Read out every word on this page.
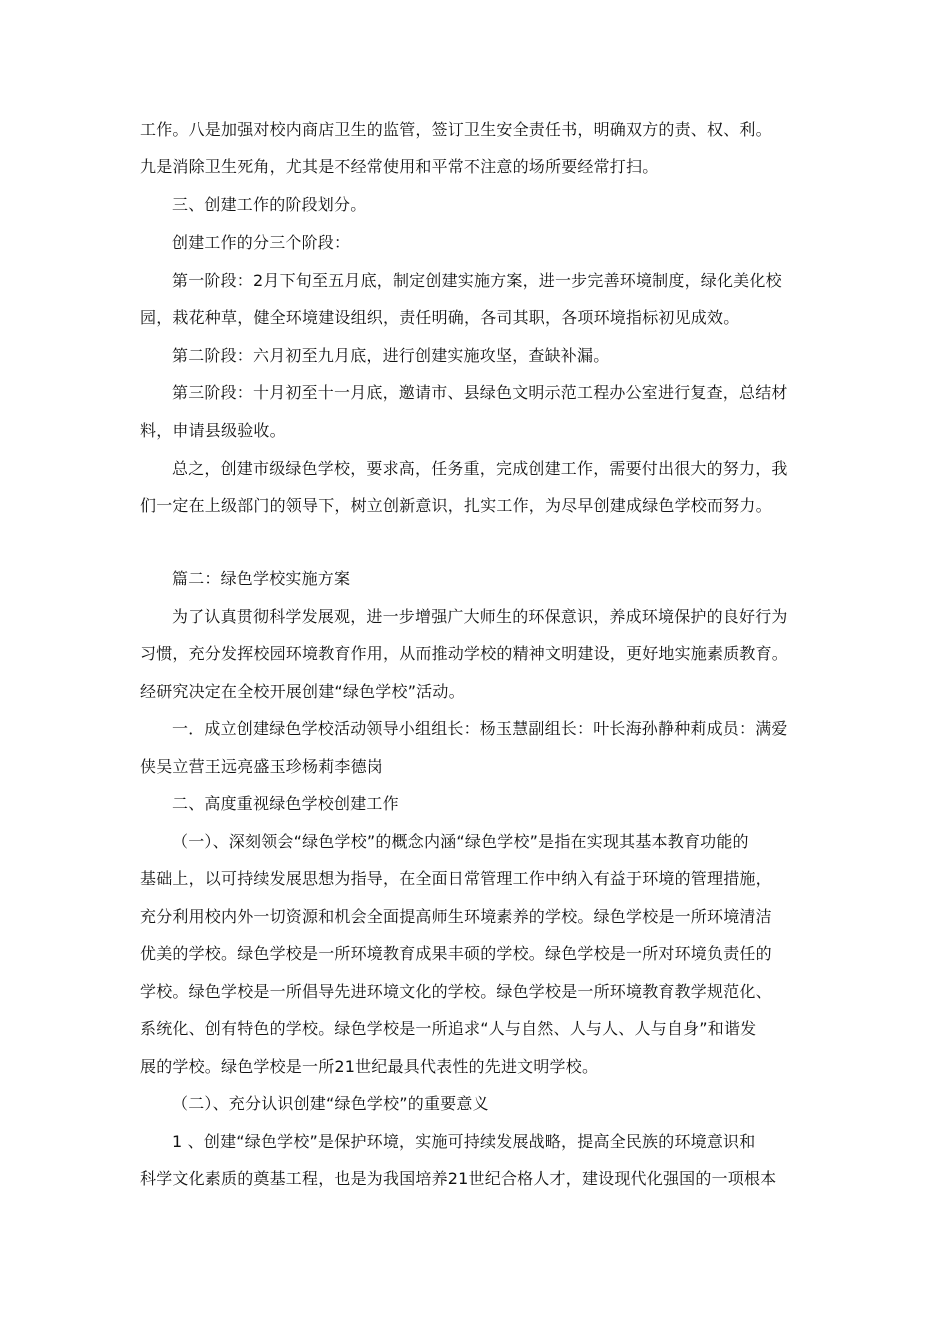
工作。八是加强对校内商店卫生的监管，签订卫生安全责任书，明确双方的责、权、利。
九是消除卫生死角，尤其是不经常使用和平常不注意的场所要经常打扫。
三、创建工作的阶段划分。
创建工作的分三个阶段：
第一阶段：2月下旬至五月底，制定创建实施方案，进一步完善环境制度，绿化美化校
园，栽花种草，健全环境建设组织，责任明确，各司其职，各项环境指标初见成效。
第二阶段：六月初至九月底，进行创建实施攻坚，查缺补漏。
第三阶段：十月初至十一月底，邀请市、县绿色文明示范工程办公室进行复查，总结材
料，申请县级验收。
总之，创建市级绿色学校，要求高，任务重，完成创建工作，需要付出很大的努力，我
们一定在上级部门的领导下，树立创新意识，扎实工作，为尽早创建成绿色学校而努力。
篇二：绿色学校实施方案
为了认真贯彻科学发展观，进一步增强广大师生的环保意识，养成环境保护的良好行为
习惯，充分发挥校园环境教育作用，从而推动学校的精神文明建设，更好地实施素质教育。
经研究决定在全校开展创建“绿色学校”活动。
一．成立创建绿色学校活动领导小组组长：杨玉慧副组长：叶长海孙静种莉成员：满爱
侠吴立营王远亮盛玉珍杨莉李德岗
二、高度重视绿色学校创建工作
（一）、深刻领会“绿色学校”的概念内涵“绿色学校”是指在实现其基本教育功能的
基础上，以可持续发展思想为指导，在全面日常管理工作中纳入有益于环境的管理措施，
充分利用校内外一切资源和机会全面提高师生环境素养的学校。绿色学校是一所环境清洁
优美的学校。绿色学校是一所环境教育成果丰硕的学校。绿色学校是一所对环境负责任的
学校。绿色学校是一所倡导先进环境文化的学校。绿色学校是一所环境教育教学规范化、
系统化、创有特色的学校。绿色学校是一所追求“人与自然、人与人、人与自身”和谐发
展的学校。绿色学校是一所21世纪最具代表性的先进文明学校。
（二）、充分认识创建“绿色学校”的重要意义
1 、创建“绿色学校”是保护环境，实施可持续发展战略，提高全民族的环境意识和
科学文化素质的奠基工程，也是为我国培养21世纪合格人才，建设现代化强国的一项根本
